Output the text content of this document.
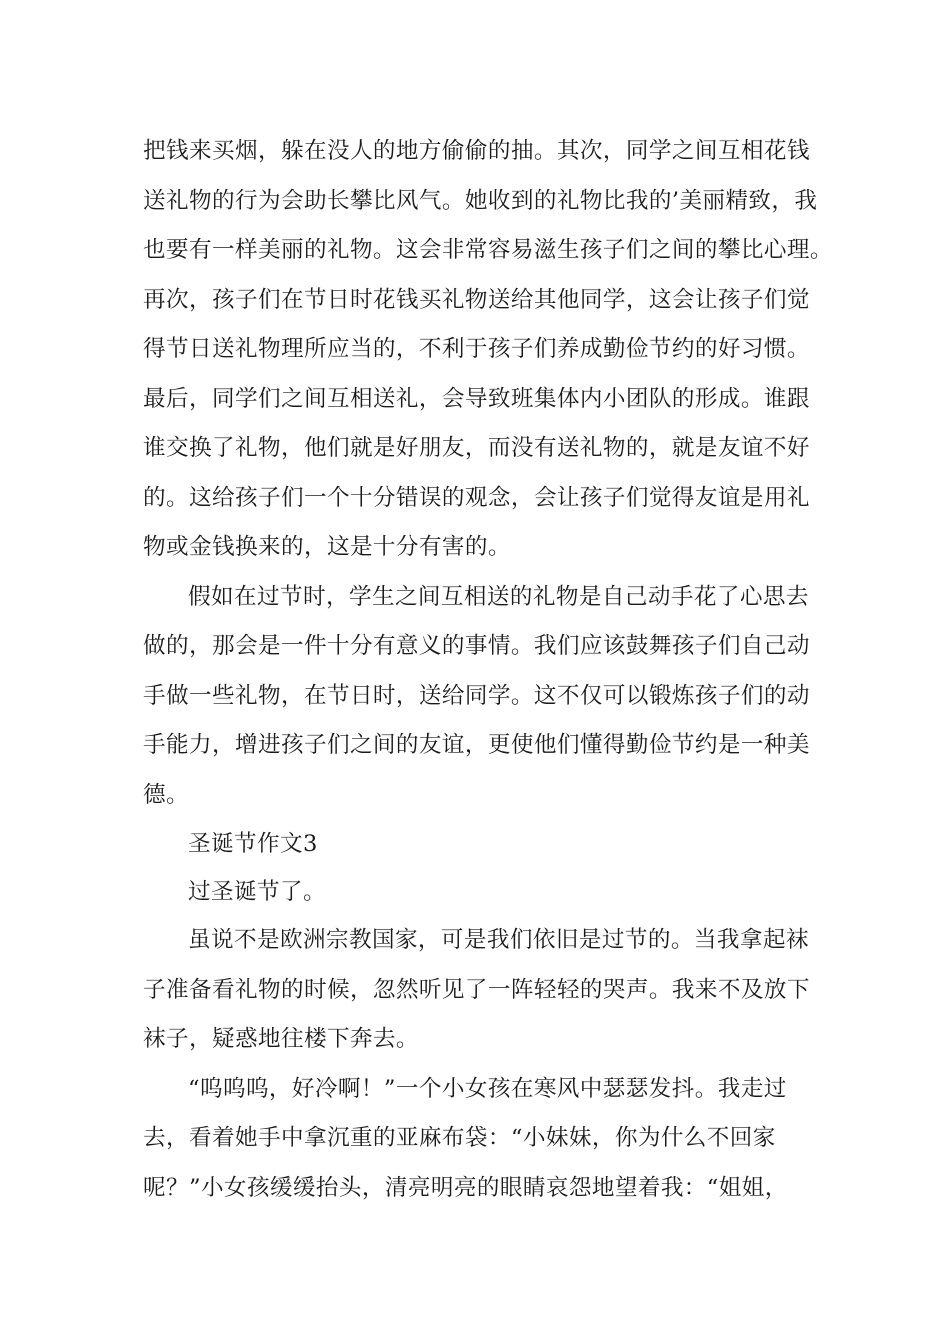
把钱来买烟，躲在没人的地方偷偷的抽。其次，同学之间互相花钱
送礼物的行为会助长攀比风气。她收到的礼物比我的’美丽精致，我
也要有一样美丽的礼物。这会非常容易滋生孩子们之间的攀比心理。
再次，孩子们在节日时花钱买礼物送给其他同学，这会让孩子们觉
得节日送礼物理所应当的，不利于孩子们养成勤俭节约的好习惯。
最后，同学们之间互相送礼，会导致班集体内小团队的形成。谁跟
谁交换了礼物，他们就是好朋友，而没有送礼物的，就是友谊不好
的。这给孩子们一个十分错误的观念，会让孩子们觉得友谊是用礼
物或金钱换来的，这是十分有害的。
假如在过节时，学生之间互相送的礼物是自己动手花了心思去
做的，那会是一件十分有意义的事情。我们应该鼓舞孩子们自己动
手做一些礼物，在节日时，送给同学。这不仅可以锻炼孩子们的动
手能力，增进孩子们之间的友谊，更使他们懂得勤俭节约是一种美
德。
圣诞节作文3
过圣诞节了。
虽说不是欧洲宗教国家，可是我们依旧是过节的。当我拿起袜
子准备看礼物的时候，忽然听见了一阵轻轻的哭声。我来不及放下
袜子，疑惑地往楼下奔去。
“呜呜呜，好冷啊！”一个小女孩在寒风中瑟瑟发抖。我走过
去，看着她手中拿沉重的亚麻布袋：“小妹妹，你为什么不回家
呢？”小女孩缓缓抬头，清亮明亮的眼睛哀怨地望着我：“姐姐，
